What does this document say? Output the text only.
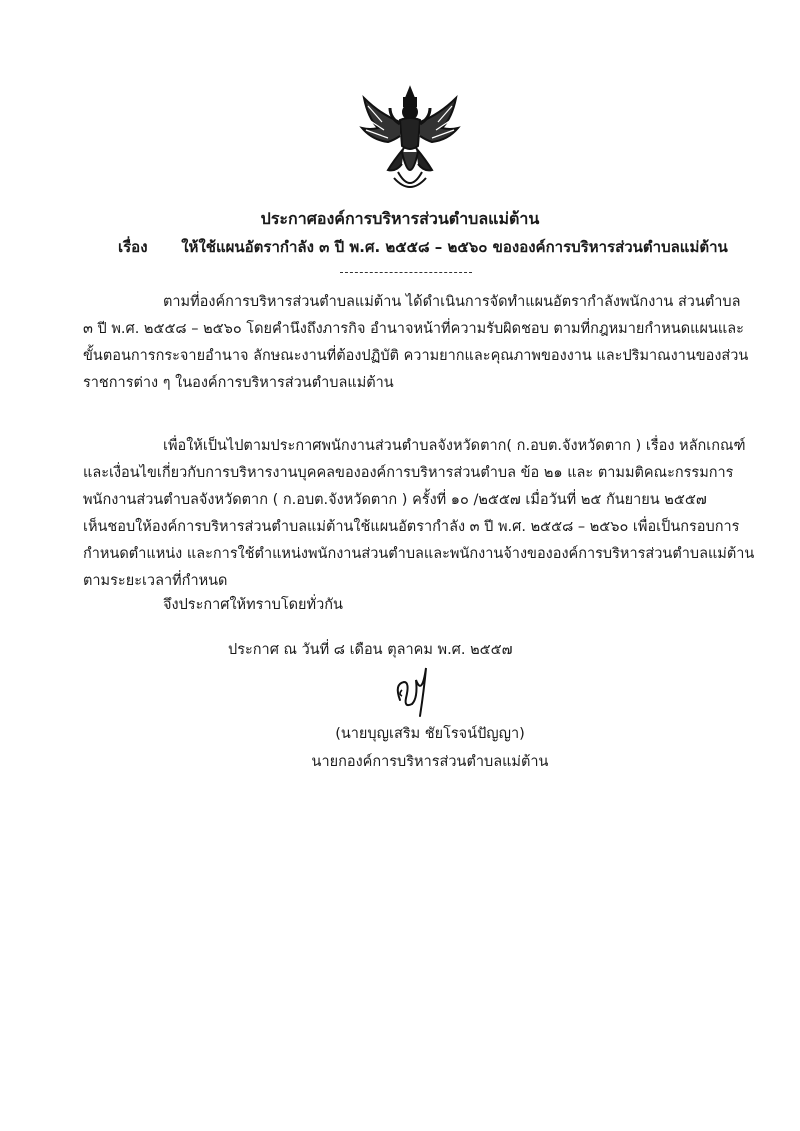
ประกาศองค์การบริหารส่วนตำบลแม่ต้าน
เรื่อง ให้ใช้แผนอัตรากำลัง ๓ ปี พ.ศ. ๒๕๕๘ – ๒๕๖๐ ขององค์การบริหารส่วนตำบลแม่ต้าน

ตามที่องค์การบริหารส่วนตำบลแม่ต้าน ได้ดำเนินการจัดทำแผนอัตรากำลังพนักงาน ส่วนตำบล
๓ ปี พ.ศ. ๒๕๕๘ – ๒๕๖๐ โดยคำนึงถึงภารกิจ อำนาจหน้าที่ความรับผิดชอบ ตามที่กฎหมายกำหนดแผนและ
ขั้นตอนการกระจายอำนาจ ลักษณะงานที่ต้องปฏิบัติ ความยากและคุณภาพของงาน และปริมาณงานของส่วน
ราชการต่าง ๆ ในองค์การบริหารส่วนตำบลแม่ต้าน

เพื่อให้เป็นไปตามประกาศพนักงานส่วนตำบลจังหวัดตาก( ก.อบต.จังหวัดตาก ) เรื่อง หลักเกณฑ์
และเงื่อนไขเกี่ยวกับการบริหารงานบุคคลขององค์การบริหารส่วนตำบล ข้อ ๒๑ และ ตามมติคณะกรรมการ
พนักงานส่วนตำบลจังหวัดตาก ( ก.อบต.จังหวัดตาก ) ครั้งที่ ๑๐ /๒๕๕๗ เมื่อวันที่ ๒๕ กันยายน ๒๕๕๗
เห็นชอบให้องค์การบริหารส่วนตำบลแม่ต้านใช้แผนอัตรากำลัง ๓ ปี พ.ศ. ๒๕๕๘ – ๒๕๖๐ เพื่อเป็นกรอบการ
กำหนดตำแหน่ง และการใช้ตำแหน่งพนักงานส่วนตำบลและพนักงานจ้างขององค์การบริหารส่วนตำบลแม่ต้าน
ตามระยะเวลาที่กำหนด

จึงประกาศให้ทราบโดยทั่วกัน

ประกาศ ณ วันที่ ๘ เดือน ตุลาคม พ.ศ. ๒๕๕๗
(นายบุญเสริม ชัยโรจน์ปัญญา)
นายกองค์การบริหารส่วนตำบลแม่ต้าน
